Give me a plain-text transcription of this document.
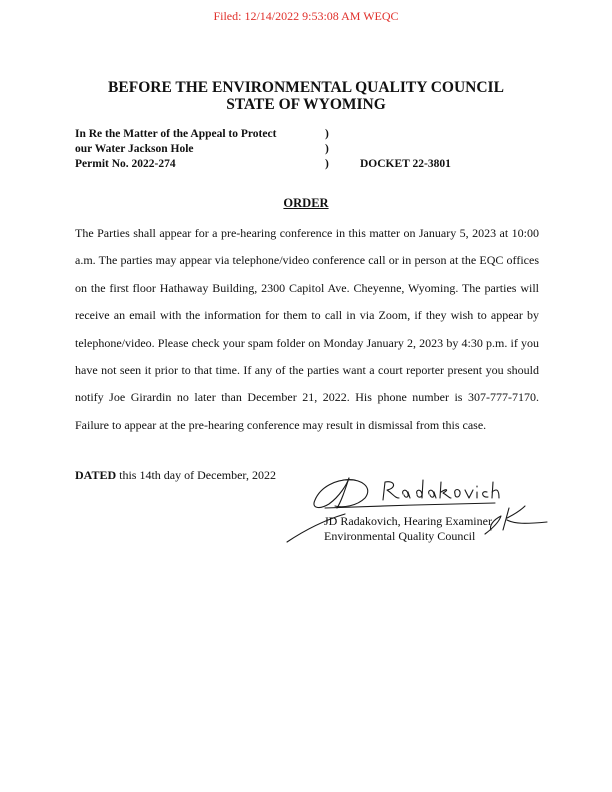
Filed: 12/14/2022 9:53:08 AM WEQC
BEFORE THE ENVIRONMENTAL QUALITY COUNCIL
STATE OF WYOMING
In Re the Matter of the Appeal to Protect
our Water Jackson Hole
Permit No. 2022-274
)
)
)	DOCKET 22-3801
ORDER
The Parties shall appear for a pre-hearing conference in this matter on January 5, 2023 at 10:00 a.m. The parties may appear via telephone/video conference call or in person at the EQC offices on the first floor Hathaway Building, 2300 Capitol Ave. Cheyenne, Wyoming. The parties will receive an email with the information for them to call in via Zoom, if they wish to appear by telephone/video. Please check your spam folder on Monday January 2, 2023 by 4:30 p.m. if you have not seen it prior to that time. If any of the parties want a court reporter present you should notify Joe Girardin no later than December 21, 2022. His phone number is 307-777-7170. Failure to appear at the pre-hearing conference may result in dismissal from this case.
DATED this 14th day of December, 2022
JD Radakovich, Hearing Examiner
Environmental Quality Council
